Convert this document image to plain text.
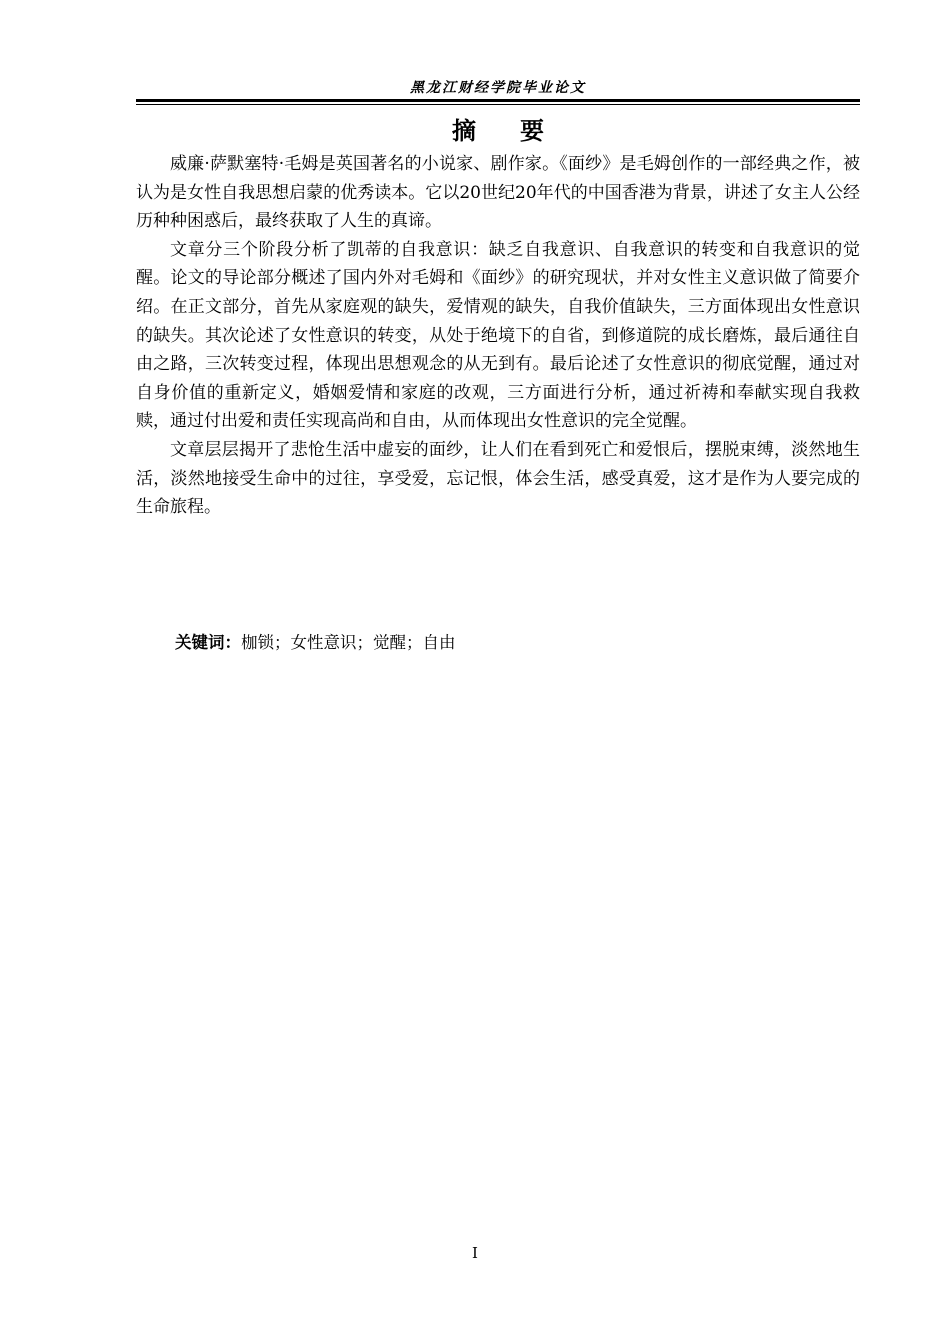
黑龙江财经学院毕业论文
摘要

威廉·萨默塞特·毛姆是英国著名的小说家、剧作家。《面纱》是毛姆创作的一部经典之作，被认为是女性自我思想启蒙的优秀读本。它以20世纪20年代的中国香港为背景，讲述了女主人公经历种种困惑后，最终获取了人生的真谛。

文章分三个阶段分析了凯蒂的自我意识：缺乏自我意识、自我意识的转变和自我意识的觉醒。论文的导论部分概述了国内外对毛姆和《面纱》的研究现状，并对女性主义意识做了简要介绍。在正文部分，首先从家庭观的缺失，爱情观的缺失，自我价值缺失，三方面体现出女性意识的缺失。其次论述了女性意识的转变，从处于绝境下的自省，到修道院的成长磨炼，最后通往自由之路，三次转变过程，体现出思想观念的从无到有。最后论述了女性意识的彻底觉醒，通过对自身价值的重新定义，婚姻爱情和家庭的改观，三方面进行分析，通过祈祷和奉献实现自我救赎，通过付出爱和责任实现高尚和自由，从而体现出女性意识的完全觉醒。

文章层层揭开了悲怆生活中虚妄的面纱，让人们在看到死亡和爱恨后，摆脱束缚，淡然地生活，淡然地接受生命中的过往，享受爱，忘记恨，体会生活，感受真爱，这才是作为人要完成的生命旅程。

关键词：枷锁；女性意识；觉醒；自由
I
